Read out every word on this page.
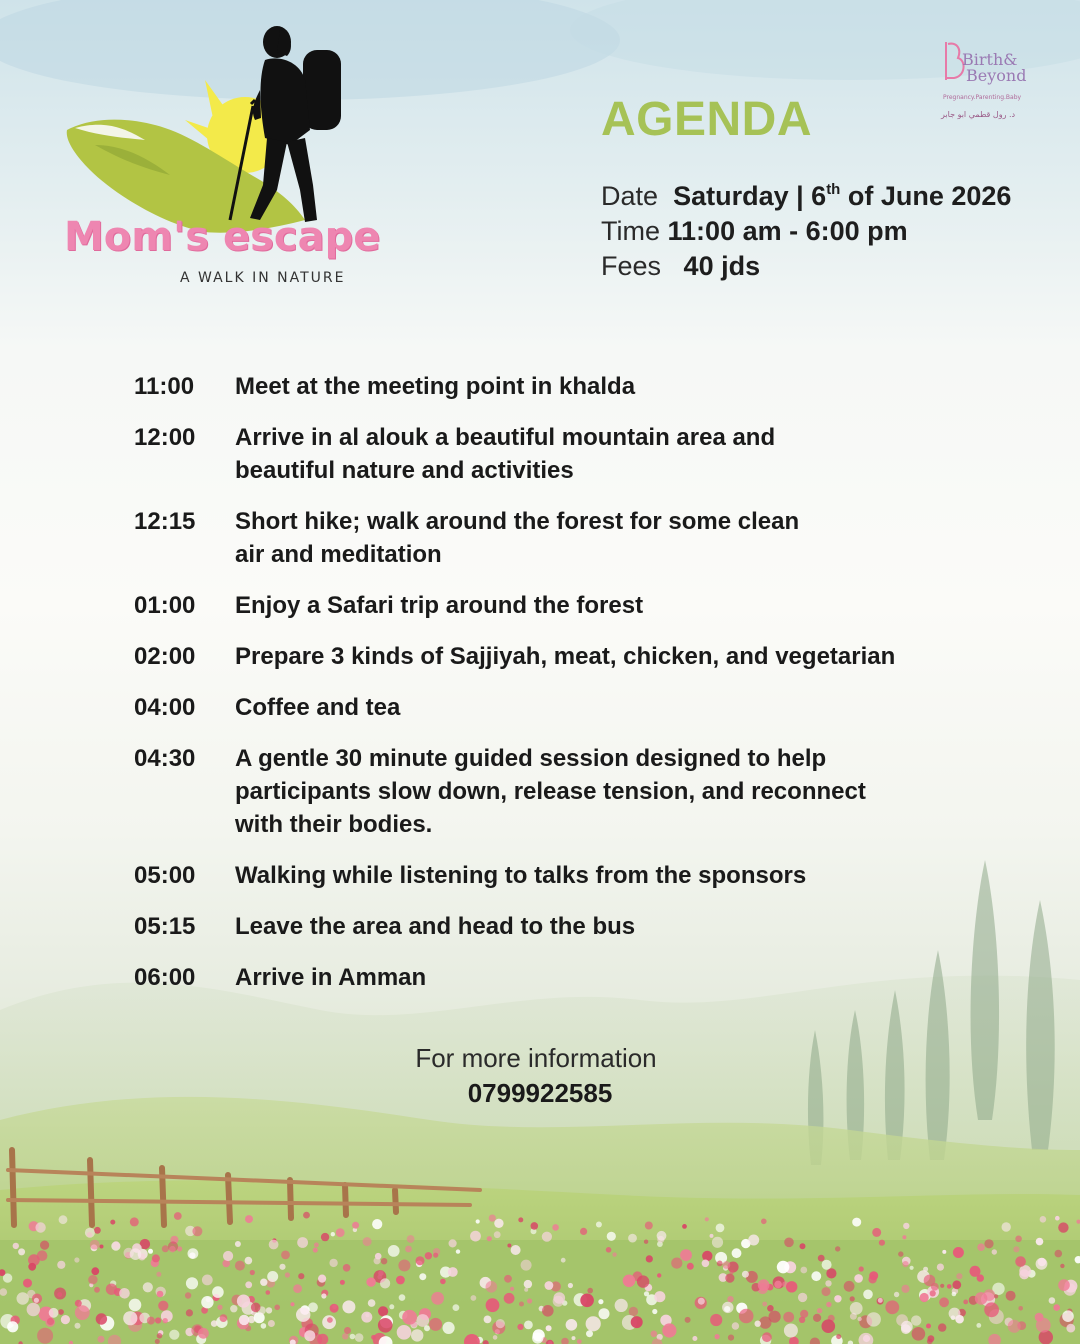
Mom's escape
A WALK IN NATURE
Birth&
Beyond
Pregnancy.Parenting.Baby
د. رول قطمي ابو جابر
AGENDA
Date Saturday | 6th of June 2026
Time 11:00 am - 6:00 pm
Fees 40 jds
11:00	Meet at the meeting point in khalda
12:00	Arrive in al alouk a beautiful mountain area and
beautiful nature and activities
12:15	Short hike; walk around the forest for some clean
air and meditation
01:00	Enjoy a Safari trip around the forest
02:00	Prepare 3 kinds of Sajjiyah, meat, chicken, and vegetarian
04:00	Coffee and tea
04:30	A gentle 30 minute guided session designed to help
participants slow down, release tension, and reconnect
with their bodies.
05:00	Walking while listening to talks from the sponsors
05:15	Leave the area and head to the bus
06:00	Arrive in Amman
For more information
0799922585
